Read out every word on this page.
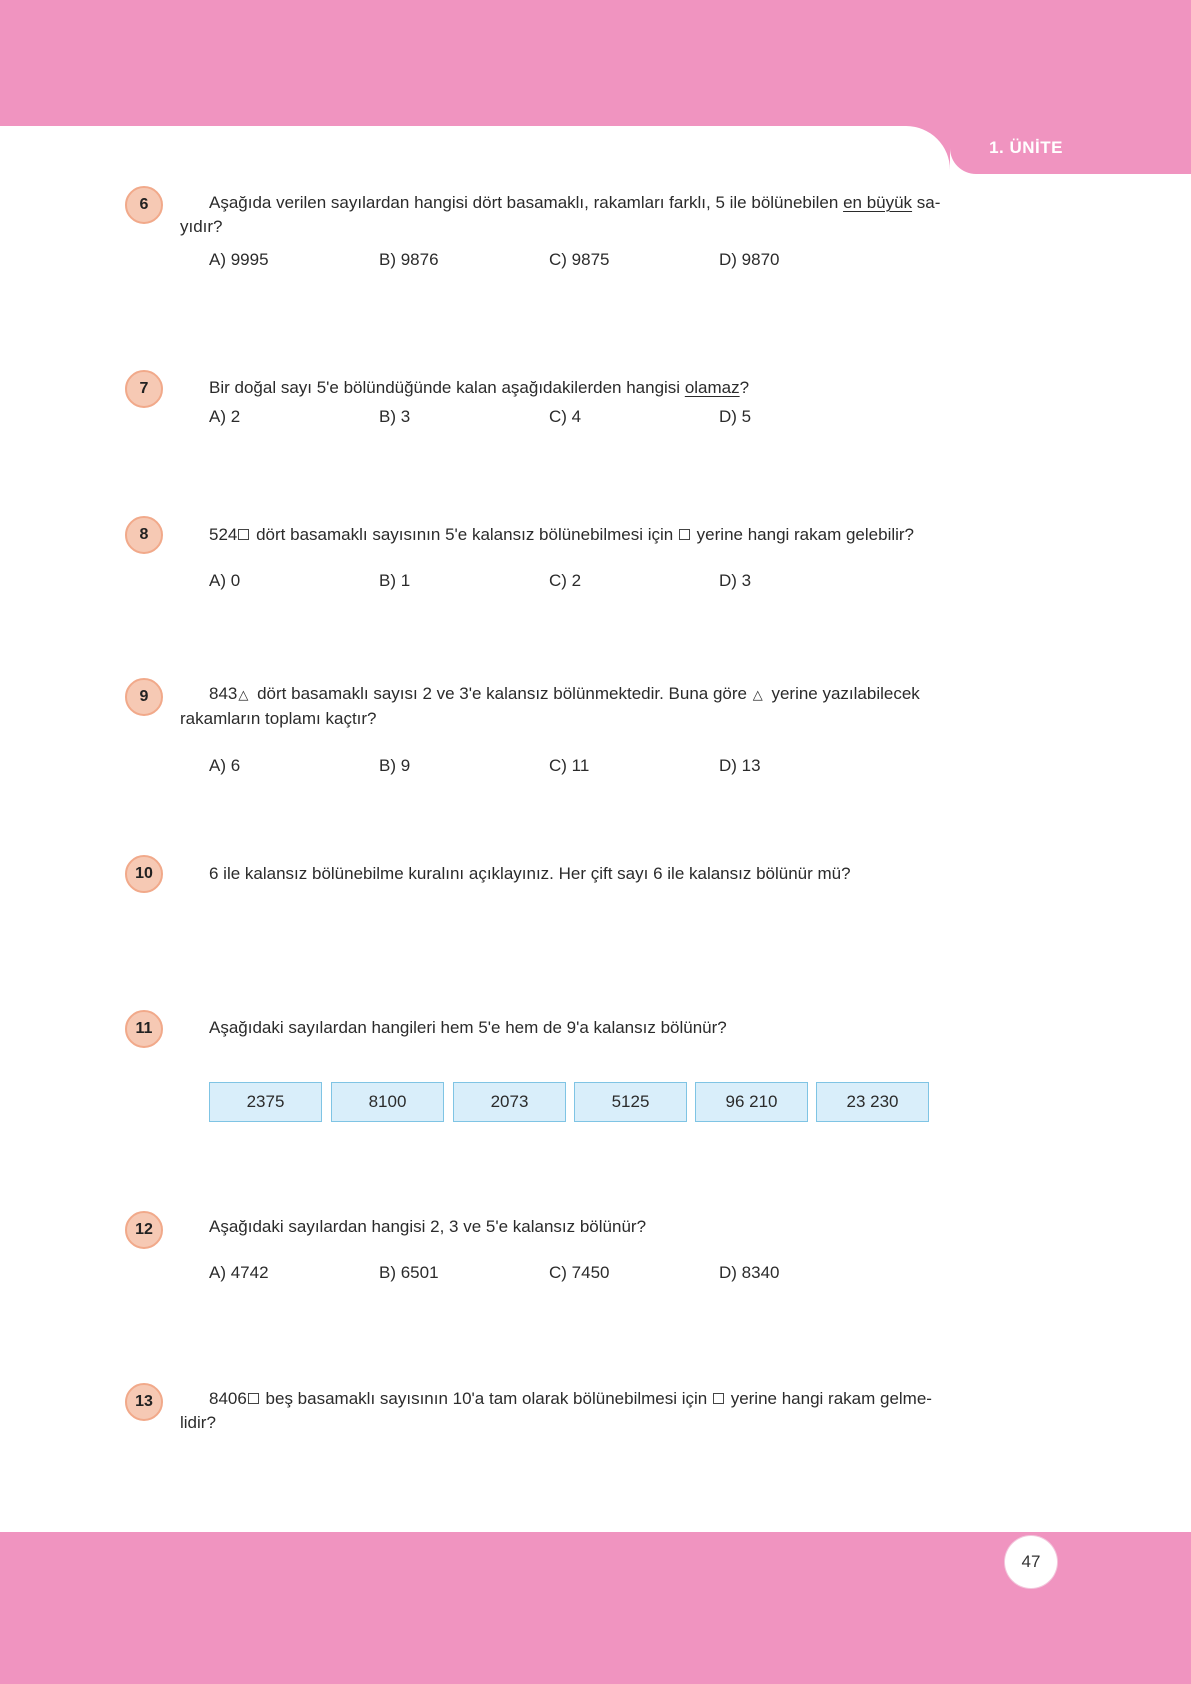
1. ÜNİTE
6	Aşağıda verilen sayılardan hangisi dört basamaklı, rakamları farklı, 5 ile bölünebilen en büyük sa-
yıdır?
A) 9995	B) 9876	C) 9875	D) 9870
7	Bir doğal sayı 5'e bölündüğünde kalan aşağıdakilerden hangisi olamaz?
A) 2	B) 3	C) 4	D) 5
8	524 dört basamaklı sayısının 5'e kalansız bölünebilmesi için  yerine hangi rakam gelebilir?
A) 0	B) 1	C) 2	D) 3
9	843△ dört basamaklı sayısı 2 ve 3'e kalansız bölünmektedir. Buna göre △ yerine yazılabilecek
rakamların toplamı kaçtır?
A) 6	B) 9	C) 11	D) 13
10	6 ile kalansız bölünebilme kuralını açıklayınız. Her çift sayı 6 ile kalansız bölünür mü?
11	Aşağıdaki sayılardan hangileri hem 5'e hem de 9'a kalansız bölünür?
2375	8100	2073	5125	96 210	23 230
12	Aşağıdaki sayılardan hangisi 2, 3 ve 5'e kalansız bölünür?
A) 4742	B) 6501	C) 7450	D) 8340
13	8406 beş basamaklı sayısının 10'a tam olarak bölünebilmesi için  yerine hangi rakam gelme-
lidir?
47
